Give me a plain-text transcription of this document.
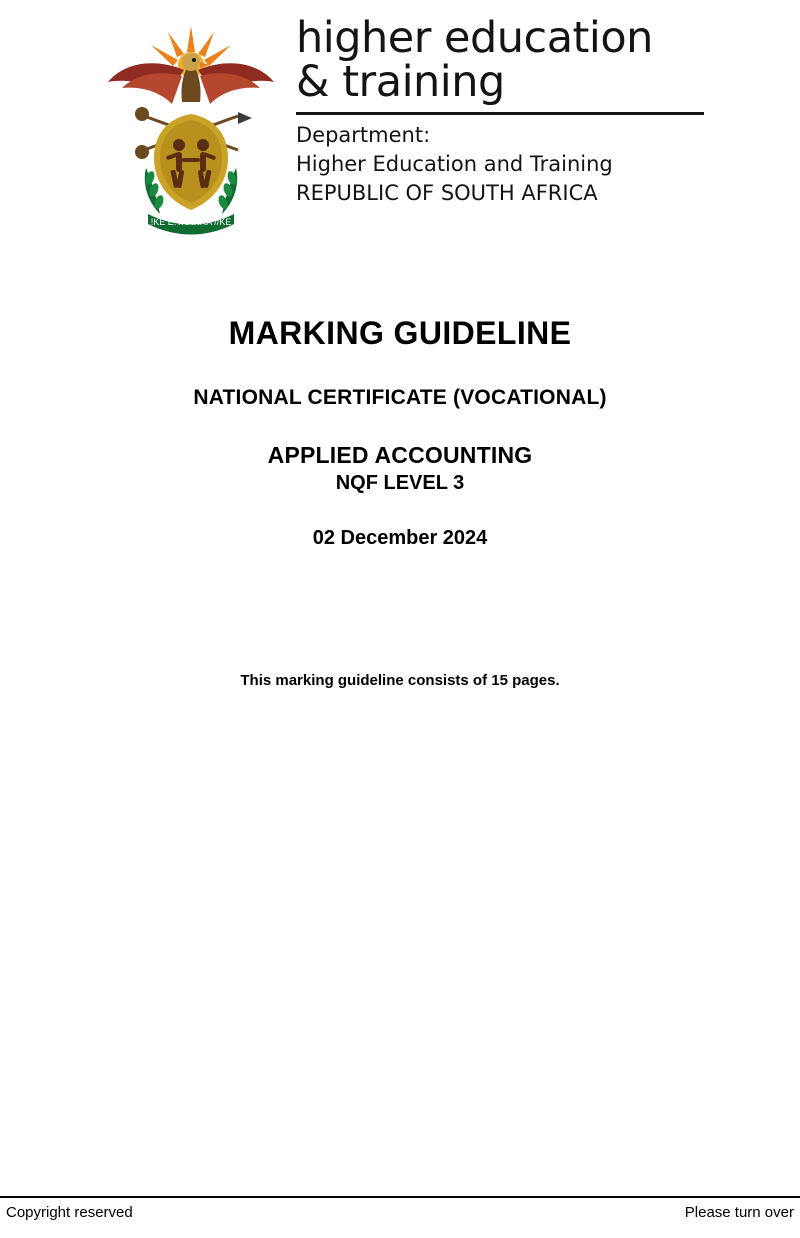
!KE E: /XARRA //KE
higher education
& training
Department:
Higher Education and Training
REPUBLIC OF SOUTH AFRICA
MARKING GUIDELINE
NATIONAL CERTIFICATE (VOCATIONAL)
APPLIED ACCOUNTING
NQF LEVEL 3
02 December 2024
This marking guideline consists of 15 pages.
Copyright reserved	Please turn over
